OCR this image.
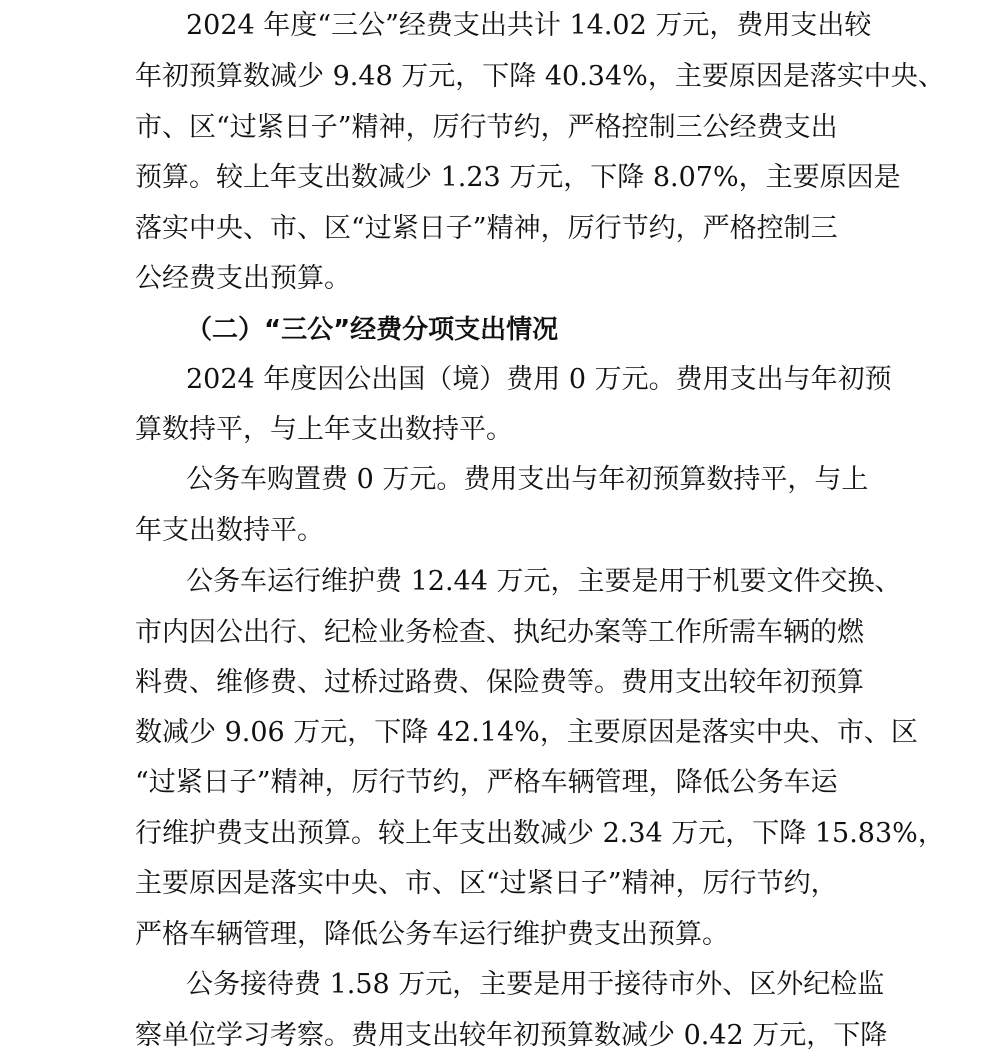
2024 年度“三公”经费支出共计 14.02 万元，费用支出较
年初预算数减少 9.48 万元，下降 40.34%，主要原因是落实中央、
市、区“过紧日子”精神，厉行节约，严格控制三公经费支出
预算。较上年支出数减少 1.23 万元，下降 8.07%，主要原因是
落实中央、市、区“过紧日子”精神，厉行节约，严格控制三
公经费支出预算。
（二）“三公”经费分项支出情况
2024 年度因公出国（境）费用 0 万元。费用支出与年初预
算数持平，与上年支出数持平。
公务车购置费 0 万元。费用支出与年初预算数持平，与上
年支出数持平。
公务车运行维护费 12.44 万元，主要是用于机要文件交换、
市内因公出行、纪检业务检查、执纪办案等工作所需车辆的燃
料费、维修费、过桥过路费、保险费等。费用支出较年初预算
数减少 9.06 万元，下降 42.14%，主要原因是落实中央、市、区
“过紧日子”精神，厉行节约，严格车辆管理，降低公务车运
行维护费支出预算。较上年支出数减少 2.34 万元，下降 15.83%，
主要原因是落实中央、市、区“过紧日子”精神，厉行节约，
严格车辆管理，降低公务车运行维护费支出预算。
公务接待费 1.58 万元，主要是用于接待市外、区外纪检监
察单位学习考察。费用支出较年初预算数减少 0.42 万元，下降
